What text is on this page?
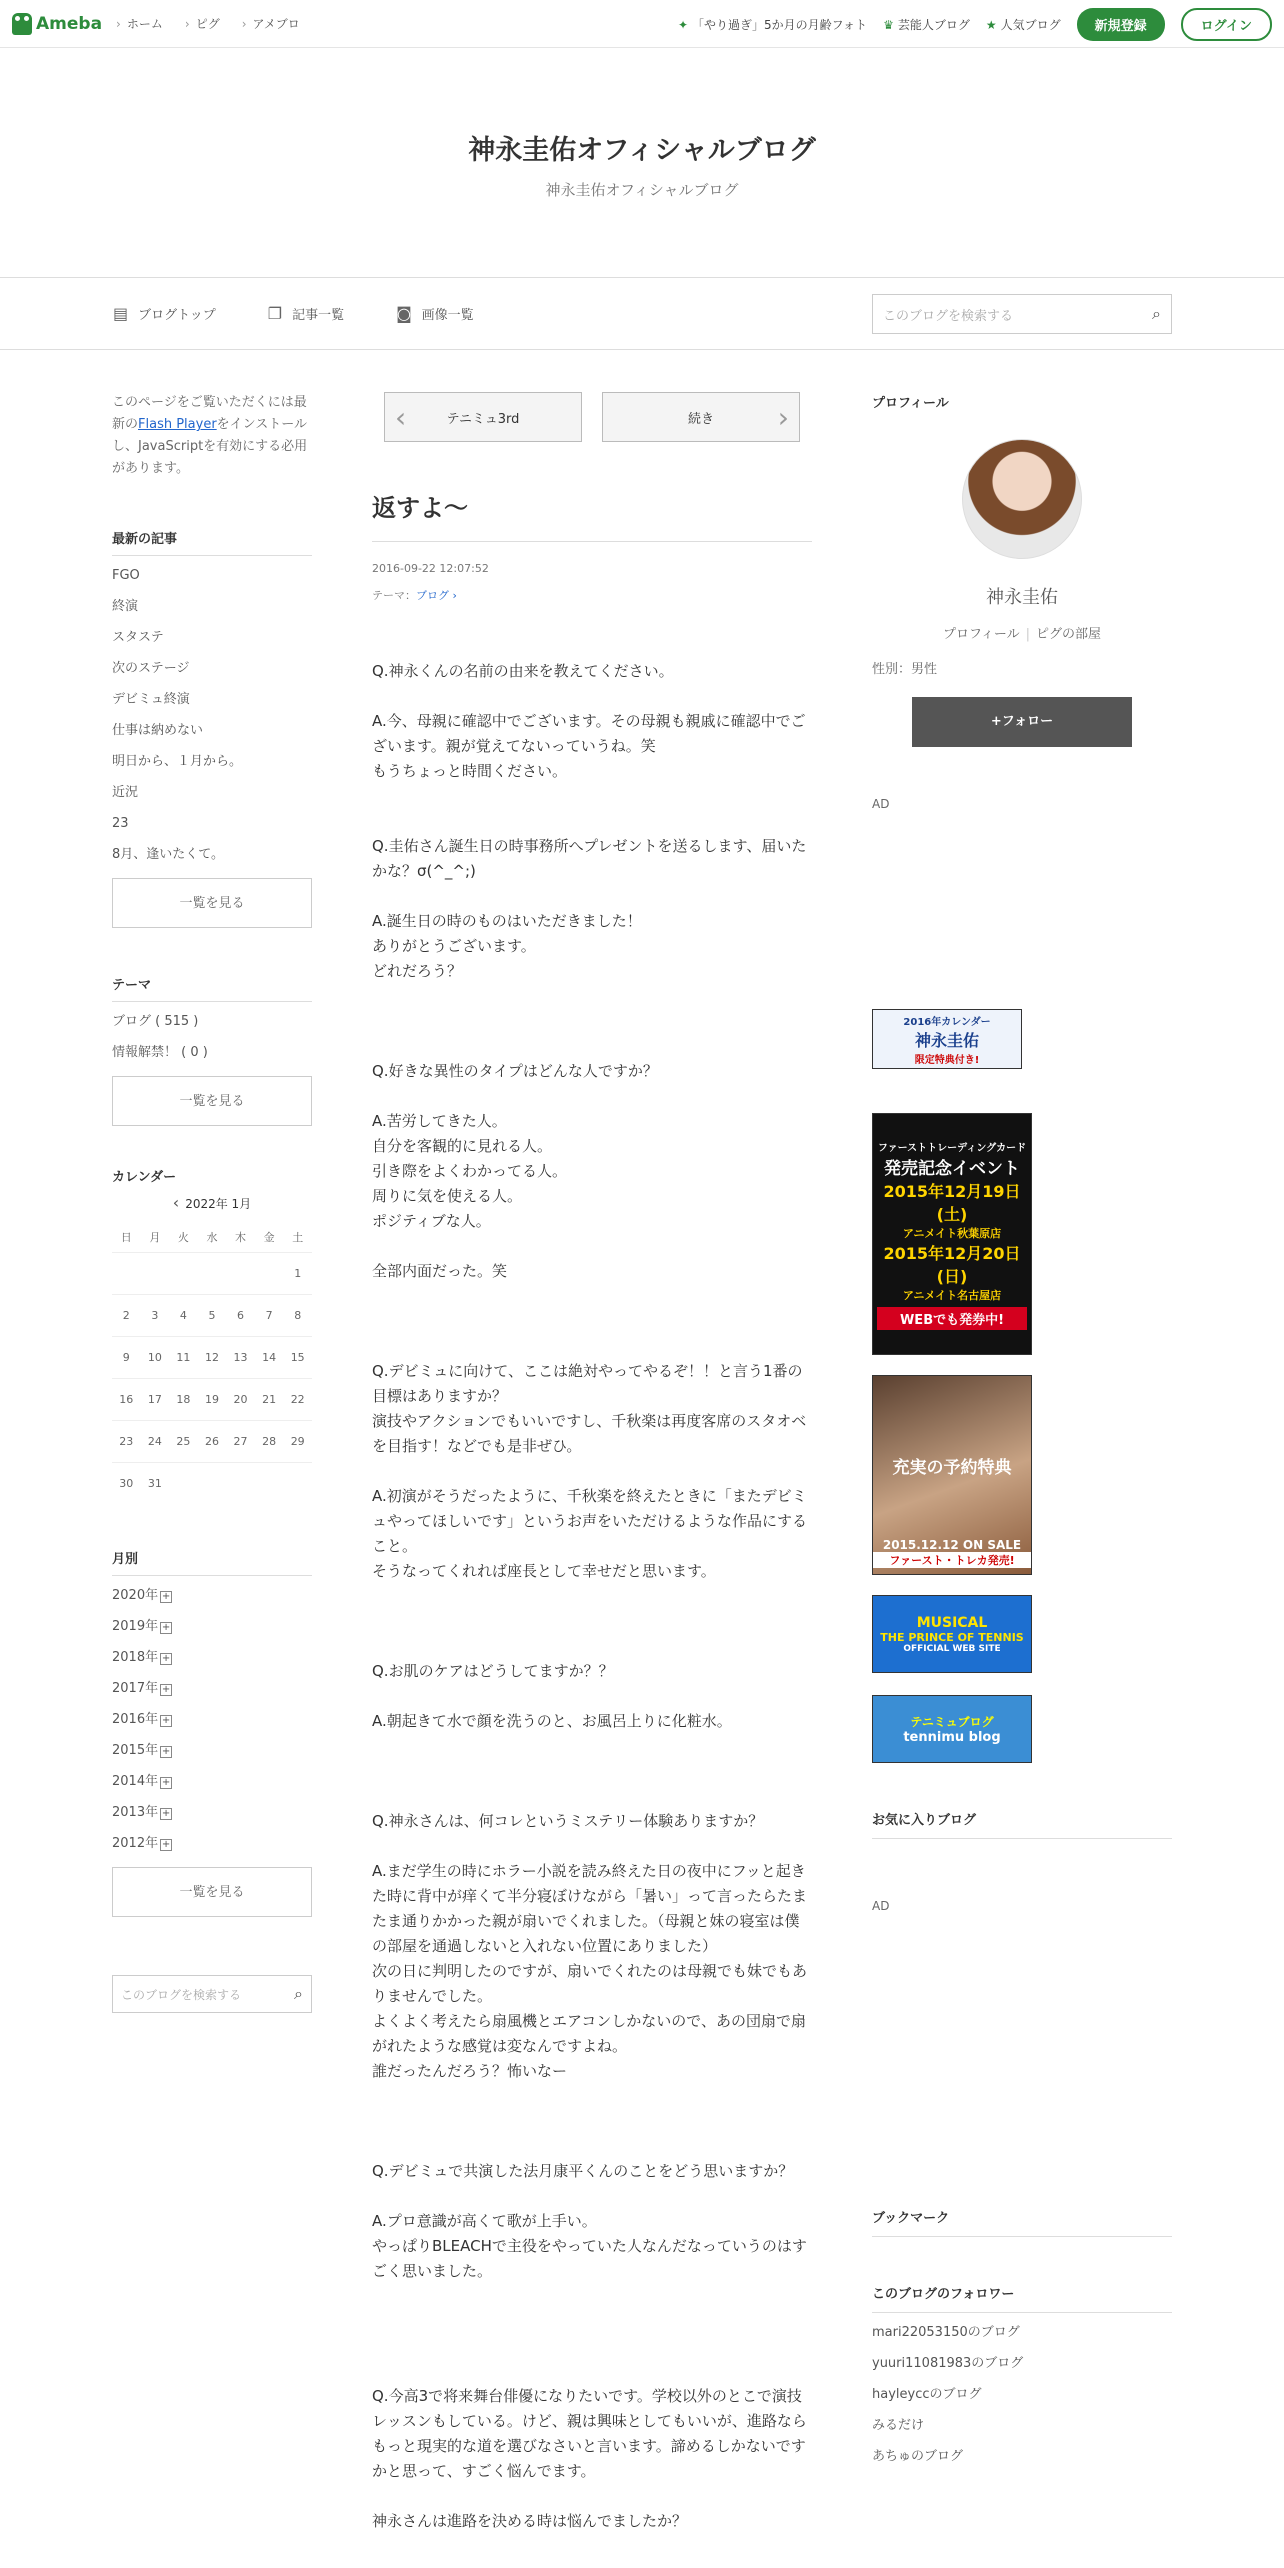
Ameba	› ホーム	› ピグ	› アメブロ	✦ 「やり過ぎ」5か月の月齢フォト ♛ 芸能人ブログ ★ 人気ブログ	新規登録	ログイン
神永圭佑オフィシャルブログ
神永圭佑オフィシャルブログ
▤ ブログトップ	❐ 記事一覧	◙ 画像一覧	このブログを検索する	⌕
このページをご覧いただくには最新のFlash Playerをインストールし、JavaScriptを有効にする必用があります。
最新の記事
FGO
終演
スタステ
次のステージ
デビミュ終演
仕事は納めない
明日から、１月から。
近況
23
8月、逢いたくて。
一覧を見る
テーマ
ブログ ( 515 )
情報解禁！ ( 0 )
一覧を見る
カレンダー
‹ 2022年 1月
日	月	火	水	木	金	土
						1
2	3	4	5	6	7	8
9	10	11	12	13	14	15
16	17	18	19	20	21	22
23	24	25	26	27	28	29
30	31					
月別
2020年 +
2019年 +
2018年 +
2017年 +
2016年 +
2015年 +
2014年 +
2013年 +
2012年 +
一覧を見る
このブログを検索する	⌕
‹ テニミュ3rd	続き ›
返すよ～
2016-09-22 12:07:52
テーマ：ブログ ›
Q.神永くんの名前の由来を教えてください。

A.今、母親に確認中でございます。その母親も親戚に確認中でございます。親が覚えてないっていうね。笑
もうちょっと時間ください。

Q.圭佑さん誕生日の時事務所へプレゼントを送るします、届いたかな？σ(^_^;)

A.誕生日の時のものはいただきました！
ありがとうございます。
どれだろう？

Q.好きな異性のタイプはどんな人ですか？

A.苦労してきた人。
自分を客観的に見れる人。
引き際をよくわかってる人。
周りに気を使える人。
ポジティブな人。

全部内面だった。笑

Q.デビミュに向けて、ここは絶対やってやるぞ！！と言う1番の目標はありますか？
演技やアクションでもいいですし、千秋楽は再度客席のスタオベを目指す！などでも是非ぜひ。

A.初演がそうだったように、千秋楽を終えたときに「またデビミュやってほしいです」というお声をいただけるような作品にすること。
そうなってくれれば座長として幸せだと思います。

Q.お肌のケアはどうしてますか？？

A.朝起きて水で顔を洗うのと、お風呂上りに化粧水。

Q.神永さんは、何コレというミステリー体験ありますか？

A.まだ学生の時にホラー小説を読み終えた日の夜中にフッと起きた時に背中が痒くて半分寝ぼけながら「暑い」って言ったらたまたま通りかかった親が扇いでくれました。（母親と妹の寝室は僕の部屋を通過しないと入れない位置にありました）
次の日に判明したのですが、扇いでくれたのは母親でも妹でもありませんでした。
よくよく考えたら扇風機とエアコンしかないので、あの団扇で扇がれたような感覚は変なんですよね。
誰だったんだろう？怖いなー

Q.デビミュで共演した法月康平くんのことをどう思いますか？

A.プロ意識が高くて歌が上手い。
やっぱりBLEACHで主役をやっていた人なんだなっていうのはすごく思いました。

Q.今高3で将来舞台俳優になりたいです。学校以外のとこで演技レッスンもしている。けど、親は興味としてもいいが、進路ならもっと現実的な道を選びなさいと言います。諦めるしかないですかと思って、すごく悩んでます。

神永さんは進路を決める時は悩んでましたか？
プロフィール
神永圭佑
プロフィール | ピグの部屋
性別：男性
+フォロー
AD
2016年カレンダー
神永圭佑
限定特典付き!
ファーストトレーディングカード
発売記念イベント
2015年12月19日(土)
アニメイト秋葉原店
2015年12月20日(日)
アニメイト名古屋店
WEBでも発券中!
充実の予約特典
2015.12.12 ON SALE
ファースト・トレカ発売!
MUSICAL
THE PRINCE OF TENNIS
OFFICIAL WEB SITE
テニミュブログ
tennimu blog
お気に入りブログ
AD
ブックマーク
このブログのフォロワー
mari22053150のブログ
yuuri11081983のブログ
hayleyccのブログ
みるだけ
あちゅのブログ
